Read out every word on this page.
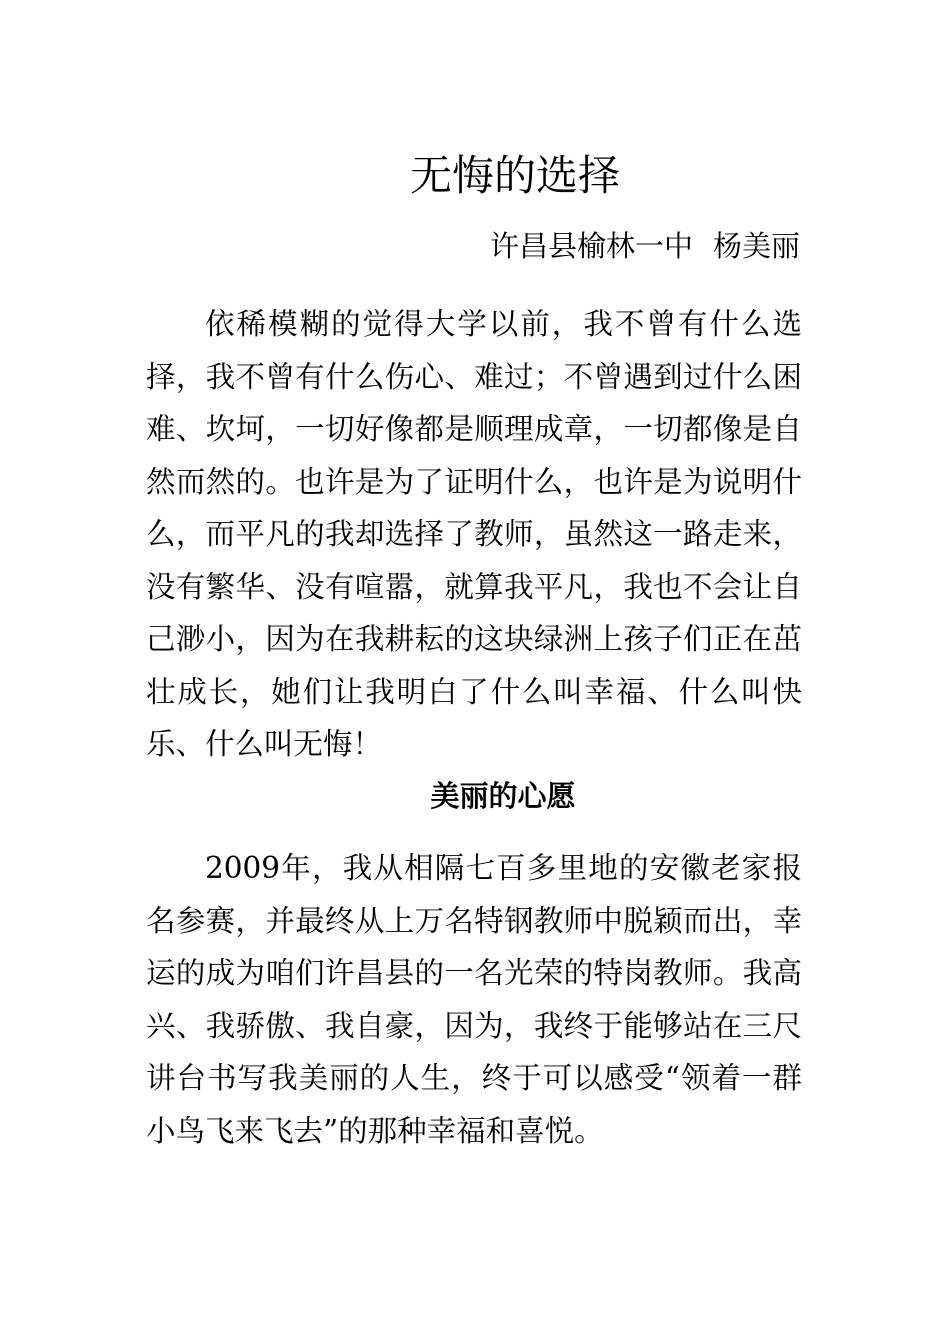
无悔的选择
许昌县榆林一中 杨美丽

依稀模糊的觉得大学以前，我不曾有什么选择，我不曾有什么伤心、难过；不曾遇到过什么困难、坎坷，一切好像都是顺理成章，一切都像是自然而然的。也许是为了证明什么，也许是为说明什么，而平凡的我却选择了教师，虽然这一路走来，没有繁华、没有喧嚣，就算我平凡，我也不会让自己渺小，因为在我耕耘的这块绿洲上孩子们正在茁壮成长，她们让我明白了什么叫幸福、什么叫快乐、什么叫无悔！

美丽的心愿

2009年，我从相隔七百多里地的安徽老家报名参赛，并最终从上万名特钢教师中脱颖而出，幸运的成为咱们许昌县的一名光荣的特岗教师。我高兴、我骄傲、我自豪，因为，我终于能够站在三尺讲台书写我美丽的人生，终于可以感受“领着一群小鸟飞来飞去”的那种幸福和喜悦。
